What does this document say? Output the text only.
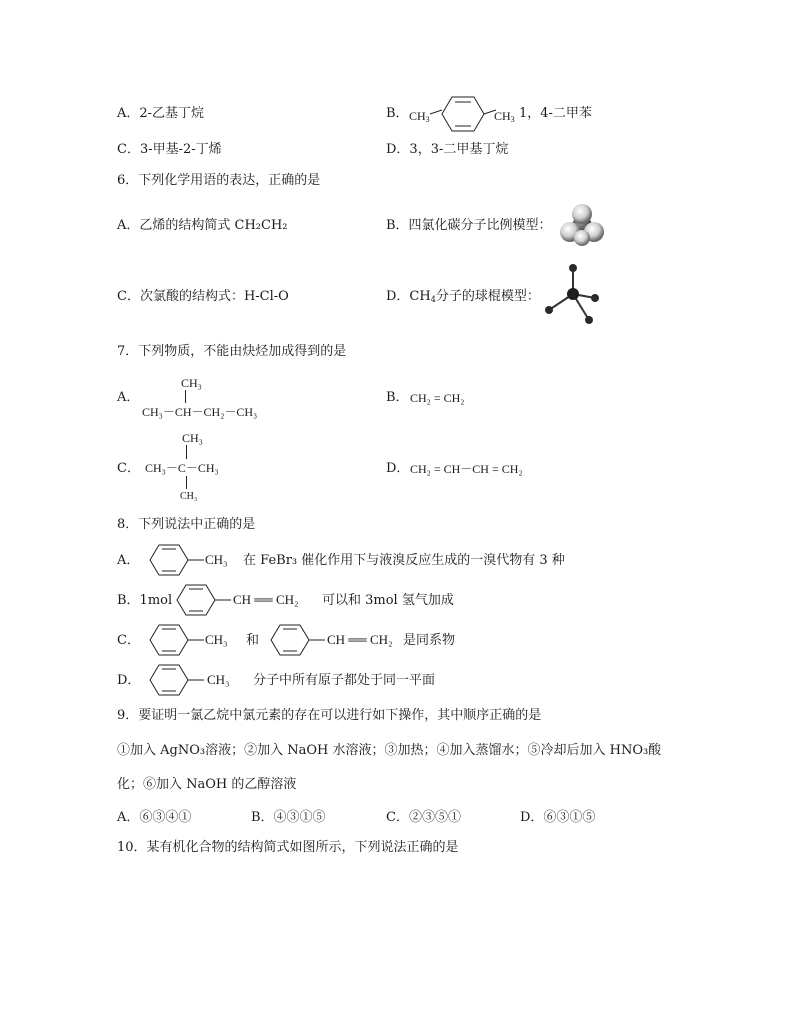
A．2-乙基丁烷	B． $CH_3$	$CH_3$ 1，4-二甲苯
C．3-甲基-2-丁烯	D．3，3-二甲基丁烷
6．下列化学用语的表达，正确的是
A．乙烯的结构简式 CH₂CH₂	B．四氯化碳分子比例模型：
C．次氯酸的结构式：H-Cl-O	D．$CH_4$分子的球棍模型：
7．下列物质，不能由炔烃加成得到的是
A．
CH₃
CH₃－CH－CH₂－CH₃
B． CH₂ = CH₂
C．
CH₃
CH₃－C－CH₃
CH₃
D． CH₂ = CH－CH = CH₂
8．下列说法中正确的是
A．	CH₃ 在 FeBr₃ 催化作用下与液溴反应生成的一溴代物有 3 种
B．1mol	CH ══ CH₂ 可以和 3mol 氢气加成
C．	CH₃ 和	CH ══ CH₂ 是同系物
D．	CH₃ 分子中所有原子都处于同一平面
9．要证明一氯乙烷中氯元素的存在可以进行如下操作，其中顺序正确的是
①加入 AgNO₃溶液；②加入 NaOH 水溶液；③加热；④加入蒸馏水；⑤冷却后加入 HNO₃酸
化；⑥加入 NaOH 的乙醇溶液
A．⑥③④①	B．④③①⑤	C．②③⑤①	D．⑥③①⑤
10．某有机化合物的结构简式如图所示，下列说法正确的是
